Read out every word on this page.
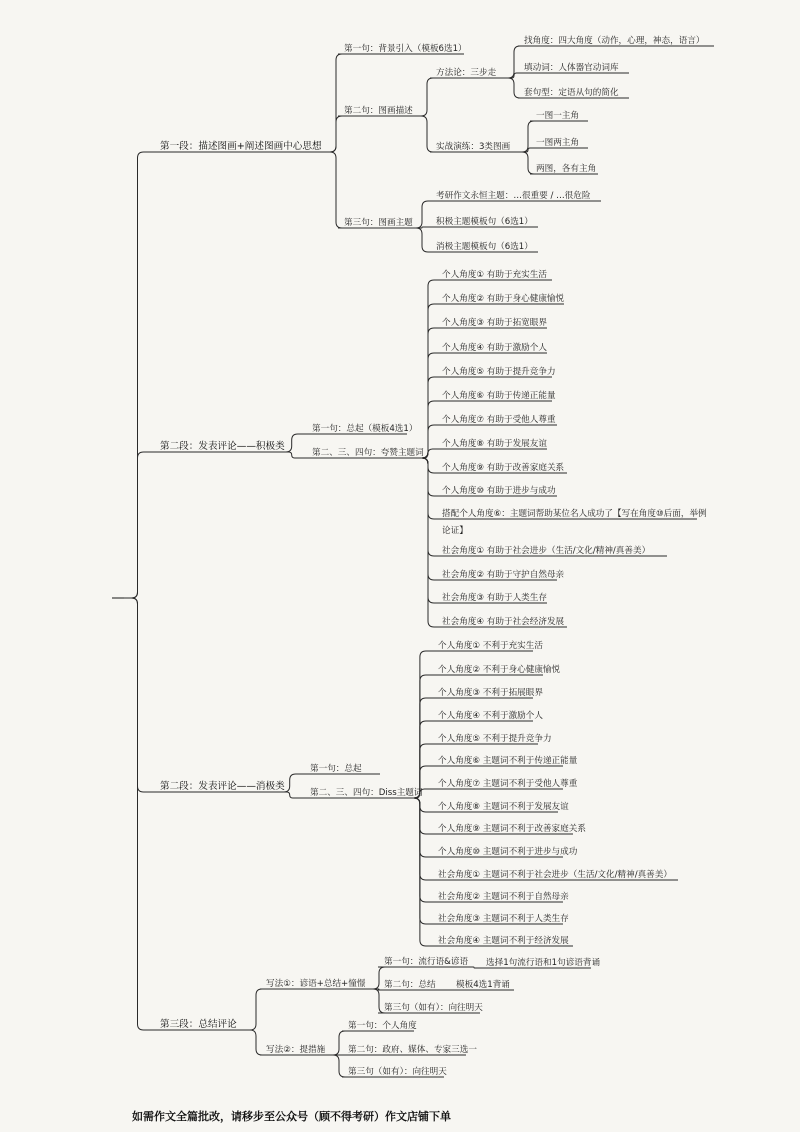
第一段：描述图画+阐述图画中心思想
第一句：背景引入（模板6选1）
第二句：图画描述
方法论：三步走
找角度：四大角度（动作，心理，神态，语言）
填动词：人体器官动词库
套句型：定语从句的简化
实战演练：3类图画
一图一主角
一图两主角
两图，各有主角
第三句：图画主题
考研作文永恒主题：…很重要 / …很危险
积极主题模板句（6选1）
消极主题模板句（6选1）
第二段：发表评论——积极类
第一句：总起（模板4选1）
第二、三、四句：夸赞主题词
个人角度① 有助于充实生活
个人角度② 有助于身心健康愉悦
个人角度③ 有助于拓宽眼界
个人角度④ 有助于激励个人
个人角度⑤ 有助于提升竞争力
个人角度⑥ 有助于传递正能量
个人角度⑦ 有助于受他人尊重
个人角度⑧ 有助于发展友谊
个人角度⑨ 有助于改善家庭关系
个人角度⑩ 有助于进步与成功
搭配个人角度⑥：主题词帮助某位名人成功了【写在角度⑩后面，举例
论证】
社会角度① 有助于社会进步（生活/文化/精神/真善美）
社会角度② 有助于守护自然母亲
社会角度③ 有助于人类生存
社会角度④ 有助于社会经济发展
第二段：发表评论——消极类
第一句：总起
第二、三、四句：Diss主题词
个人角度① 不利于充实生活
个人角度② 不利于身心健康愉悦
个人角度③ 不利于拓展眼界
个人角度④ 不利于激励个人
个人角度⑤ 不利于提升竞争力
个人角度⑥ 主题词不利于传递正能量
个人角度⑦ 主题词不利于受他人尊重
个人角度⑧ 主题词不利于发展友谊
个人角度⑨ 主题词不利于改善家庭关系
个人角度⑩ 主题词不利于进步与成功
社会角度① 主题词不利于社会进步（生活/文化/精神/真善美）
社会角度② 主题词不利于自然母亲
社会角度③ 主题词不利于人类生存
社会角度④ 主题词不利于经济发展
第三段：总结评论
写法①：谚语+总结+憧憬
第一句：流行语&谚语 选择1句流行语和1句谚语背诵
第二句：总结 模板4选1背诵
第三句（如有）：向往明天
写法②：提措施
第一句：个人角度
第二句：政府、媒体、专家三选一
第三句（如有）：向往明天
如需作文全篇批改，请移步至公众号（顾不得考研）作文店铺下单
